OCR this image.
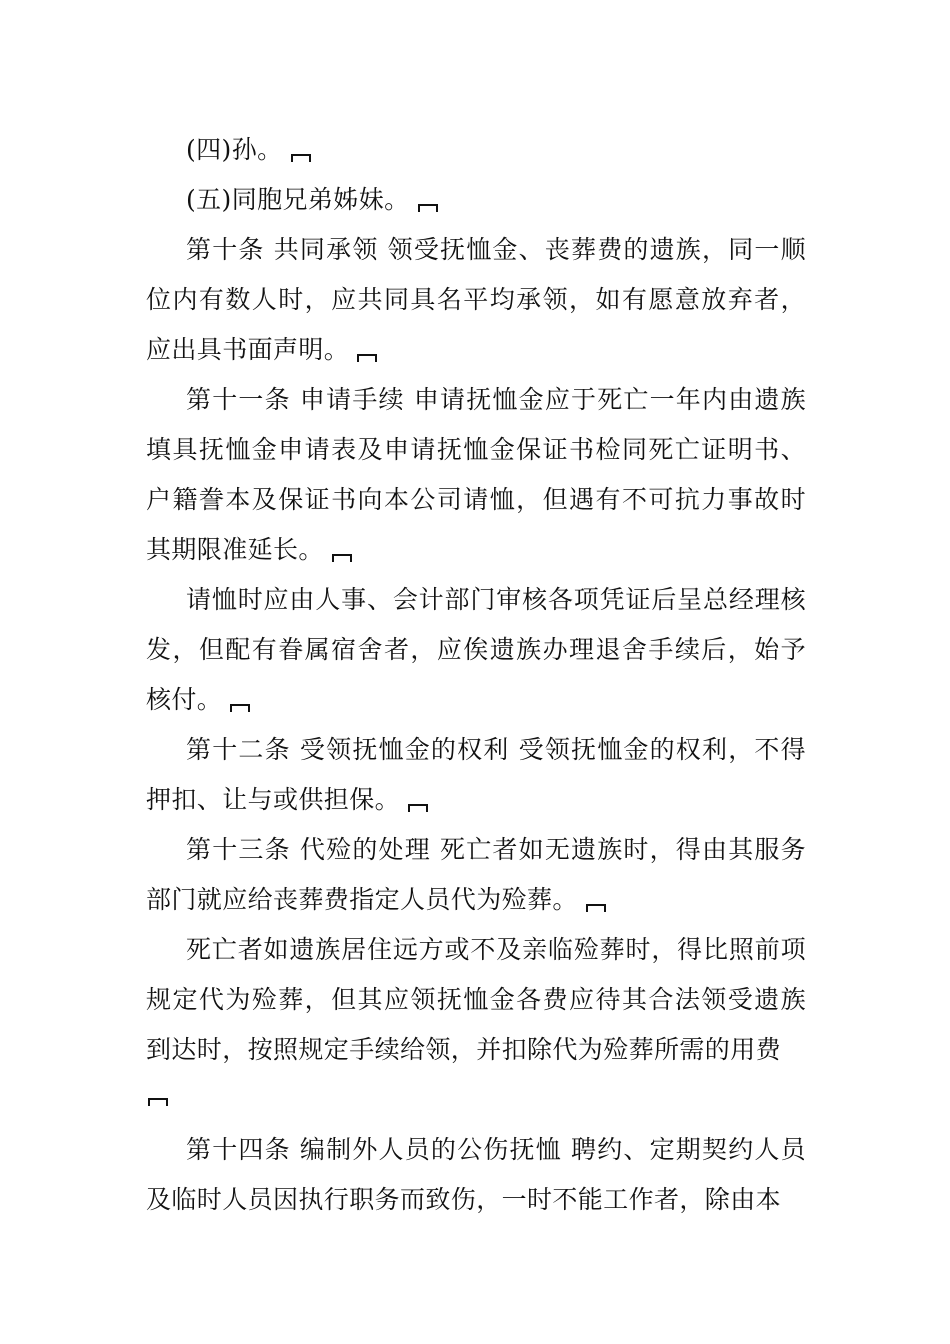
(四)孙。

(五)同胞兄弟姊妹。

第十条 共同承领 领受抚恤金、丧葬费的遗族，同一顺位内有数人时，应共同具名平均承领，如有愿意放弃者，应出具书面声明。

第十一条 申请手续 申请抚恤金应于死亡一年内由遗族填具抚恤金申请表及申请抚恤金保证书检同死亡证明书、户籍誊本及保证书向本公司请恤，但遇有不可抗力事故时其期限准延长。

请恤时应由人事、会计部门审核各项凭证后呈总经理核发，但配有眷属宿舍者，应俟遗族办理退舍手续后，始予核付。

第十二条 受领抚恤金的权利 受领抚恤金的权利，不得押扣、让与或供担保。

第十三条 代殓的处理 死亡者如无遗族时，得由其服务部门就应给丧葬费指定人员代为殓葬。

死亡者如遗族居住远方或不及亲临殓葬时，得比照前项规定代为殓葬，但其应领抚恤金各费应待其合法领受遗族到达时，按照规定手续给领，并扣除代为殓葬所需的用费

第十四条 编制外人员的公伤抚恤 聘约、定期契约人员及临时人员因执行职务而致伤，一时不能工作者，除由本
